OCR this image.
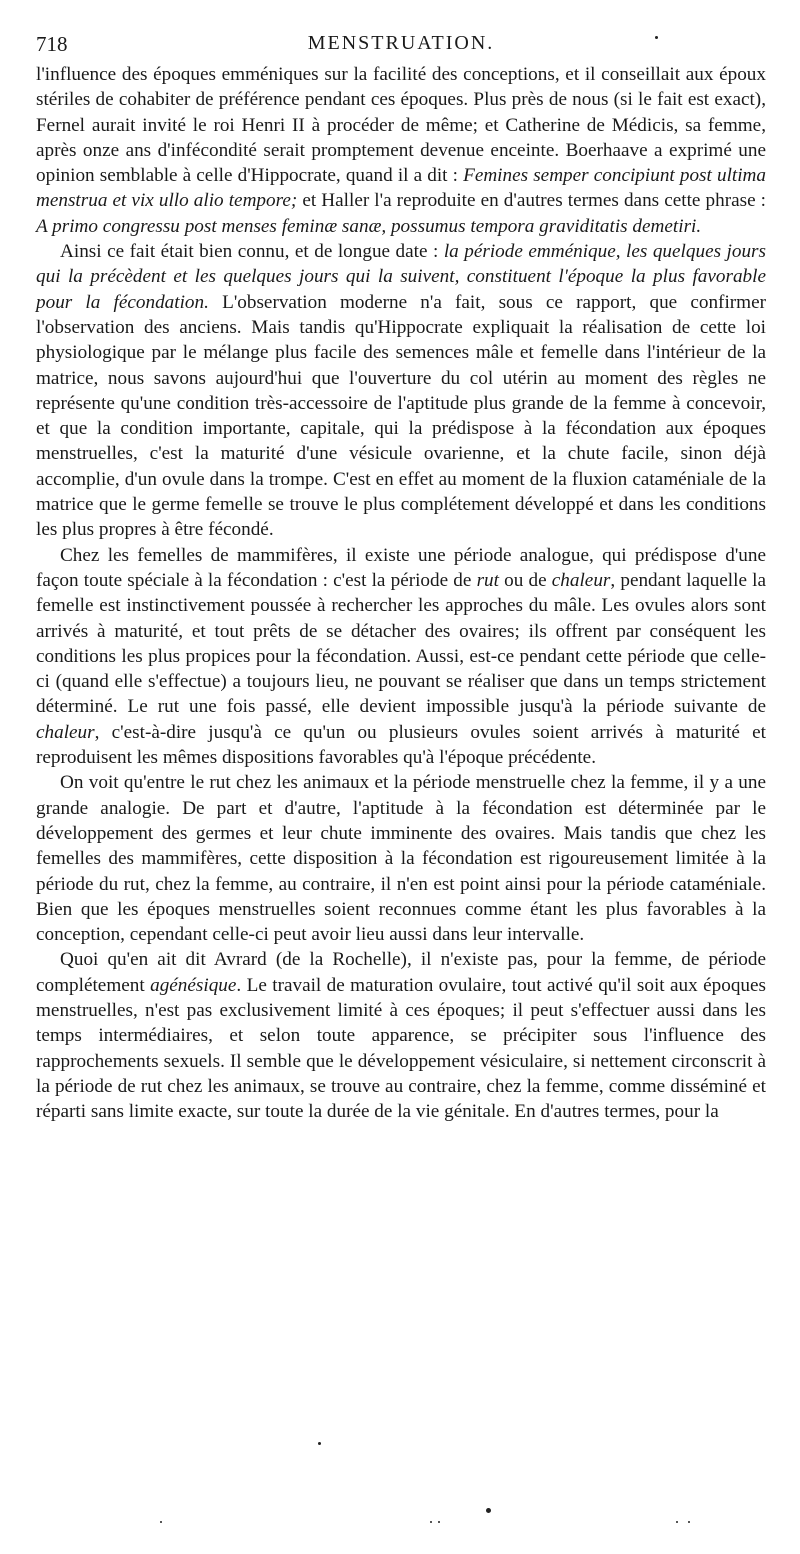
718	MENSTRUATION.

l'influence des époques emméniques sur la facilité des conceptions, et il conseillait aux époux stériles de cohabiter de préférence pendant ces époques. Plus près de nous (si le fait est exact), Fernel aurait invité le roi Henri II à procéder de même; et Catherine de Médicis, sa femme, après onze ans d'infécondité serait promptement devenue enceinte. Boerhaave a exprimé une opinion semblable à celle d'Hippocrate, quand il a dit : Femines semper concipiunt post ultima menstrua et vix ullo alio tempore; et Haller l'a reproduite en d'autres termes dans cette phrase : A primo congressu post menses feminæ sanæ, possumus tempora graviditatis demetiri.

Ainsi ce fait était bien connu, et de longue date : la période emménique, les quelques jours qui la précèdent et les quelques jours qui la suivent, constituent l'époque la plus favorable pour la fécondation. L'observation moderne n'a fait, sous ce rapport, que confirmer l'observation des anciens. Mais tandis qu'Hippocrate expliquait la réalisation de cette loi physiologique par le mélange plus facile des semences mâle et femelle dans l'intérieur de la matrice, nous savons aujourd'hui que l'ouverture du col utérin au moment des règles ne représente qu'une condition très-accessoire de l'aptitude plus grande de la femme à concevoir, et que la condition importante, capitale, qui la prédispose à la fécondation aux époques menstruelles, c'est la maturité d'une vésicule ovarienne, et la chute facile, sinon déjà accomplie, d'un ovule dans la trompe. C'est en effet au moment de la fluxion cataméniale de la matrice que le germe femelle se trouve le plus complétement développé et dans les conditions les plus propres à être fécondé.

Chez les femelles de mammifères, il existe une période analogue, qui prédispose d'une façon toute spéciale à la fécondation : c'est la période de rut ou de chaleur, pendant laquelle la femelle est instinctivement poussée à rechercher les approches du mâle. Les ovules alors sont arrivés à maturité, et tout prêts de se détacher des ovaires; ils offrent par conséquent les conditions les plus propices pour la fécondation. Aussi, est-ce pendant cette période que celle-ci (quand elle s'effectue) a toujours lieu, ne pouvant se réaliser que dans un temps strictement déterminé. Le rut une fois passé, elle devient impossible jusqu'à la période suivante de chaleur, c'est-à-dire jusqu'à ce qu'un ou plusieurs ovules soient arrivés à maturité et reproduisent les mêmes dispositions favorables qu'à l'époque précédente.

On voit qu'entre le rut chez les animaux et la période menstruelle chez la femme, il y a une grande analogie. De part et d'autre, l'aptitude à la fécondation est déterminée par le développement des germes et leur chute imminente des ovaires. Mais tandis que chez les femelles des mammifères, cette disposition à la fécondation est rigoureusement limitée à la période du rut, chez la femme, au contraire, il n'en est point ainsi pour la période cataméniale. Bien que les époques menstruelles soient reconnues comme étant les plus favorables à la conception, cependant celle-ci peut avoir lieu aussi dans leur intervalle.

Quoi qu'en ait dit Avrard (de la Rochelle), il n'existe pas, pour la femme, de période complétement agénésique. Le travail de maturation ovulaire, tout activé qu'il soit aux époques menstruelles, n'est pas exclusivement limité à ces époques; il peut s'effectuer aussi dans les temps intermédiaires, et selon toute apparence, se précipiter sous l'influence des rapprochements sexuels. Il semble que le développement vésiculaire, si nettement circonscrit à la période de rut chez les animaux, se trouve au contraire, chez la femme, comme disséminé et réparti sans limite exacte, sur toute la durée de la vie génitale. En d'autres termes, pour la
